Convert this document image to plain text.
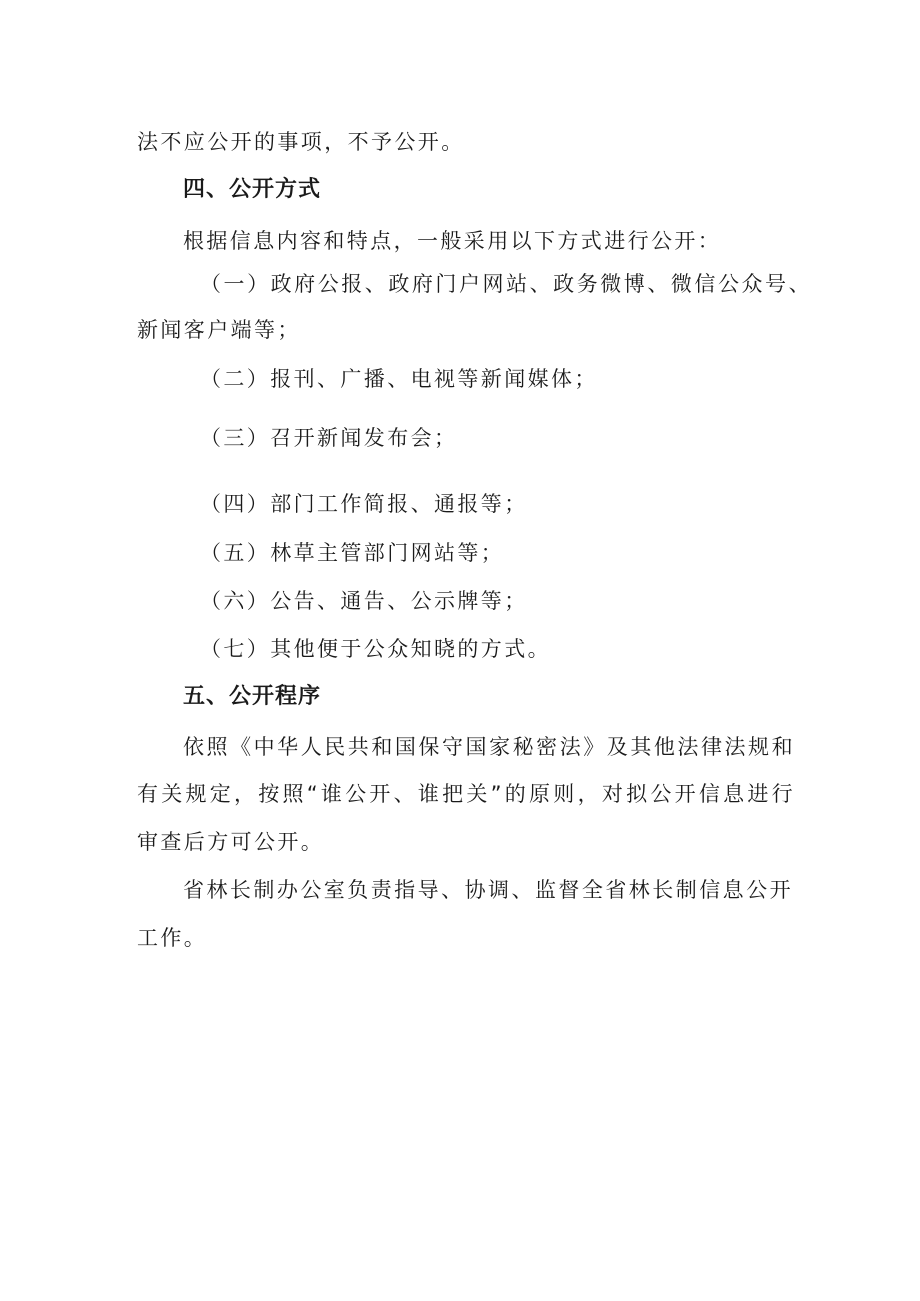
法不应公开的事项，不予公开。
四、公开方式
根据信息内容和特点，一般采用以下方式进行公开：
（一）政府公报、政府门户网站、政务微博、微信公众号、
新闻客户端等；
（二）报刊、广播、电视等新闻媒体；
（三）召开新闻发布会；
（四）部门工作简报、通报等；
（五）林草主管部门网站等；
（六）公告、通告、公示牌等；
（七）其他便于公众知晓的方式。
五、公开程序
依照《中华人民共和国保守国家秘密法》及其他法律法规和
有关规定，按照“谁公开、谁把关”的原则，对拟公开信息进行
审查后方可公开。
省林长制办公室负责指导、协调、监督全省林长制信息公开
工作。
